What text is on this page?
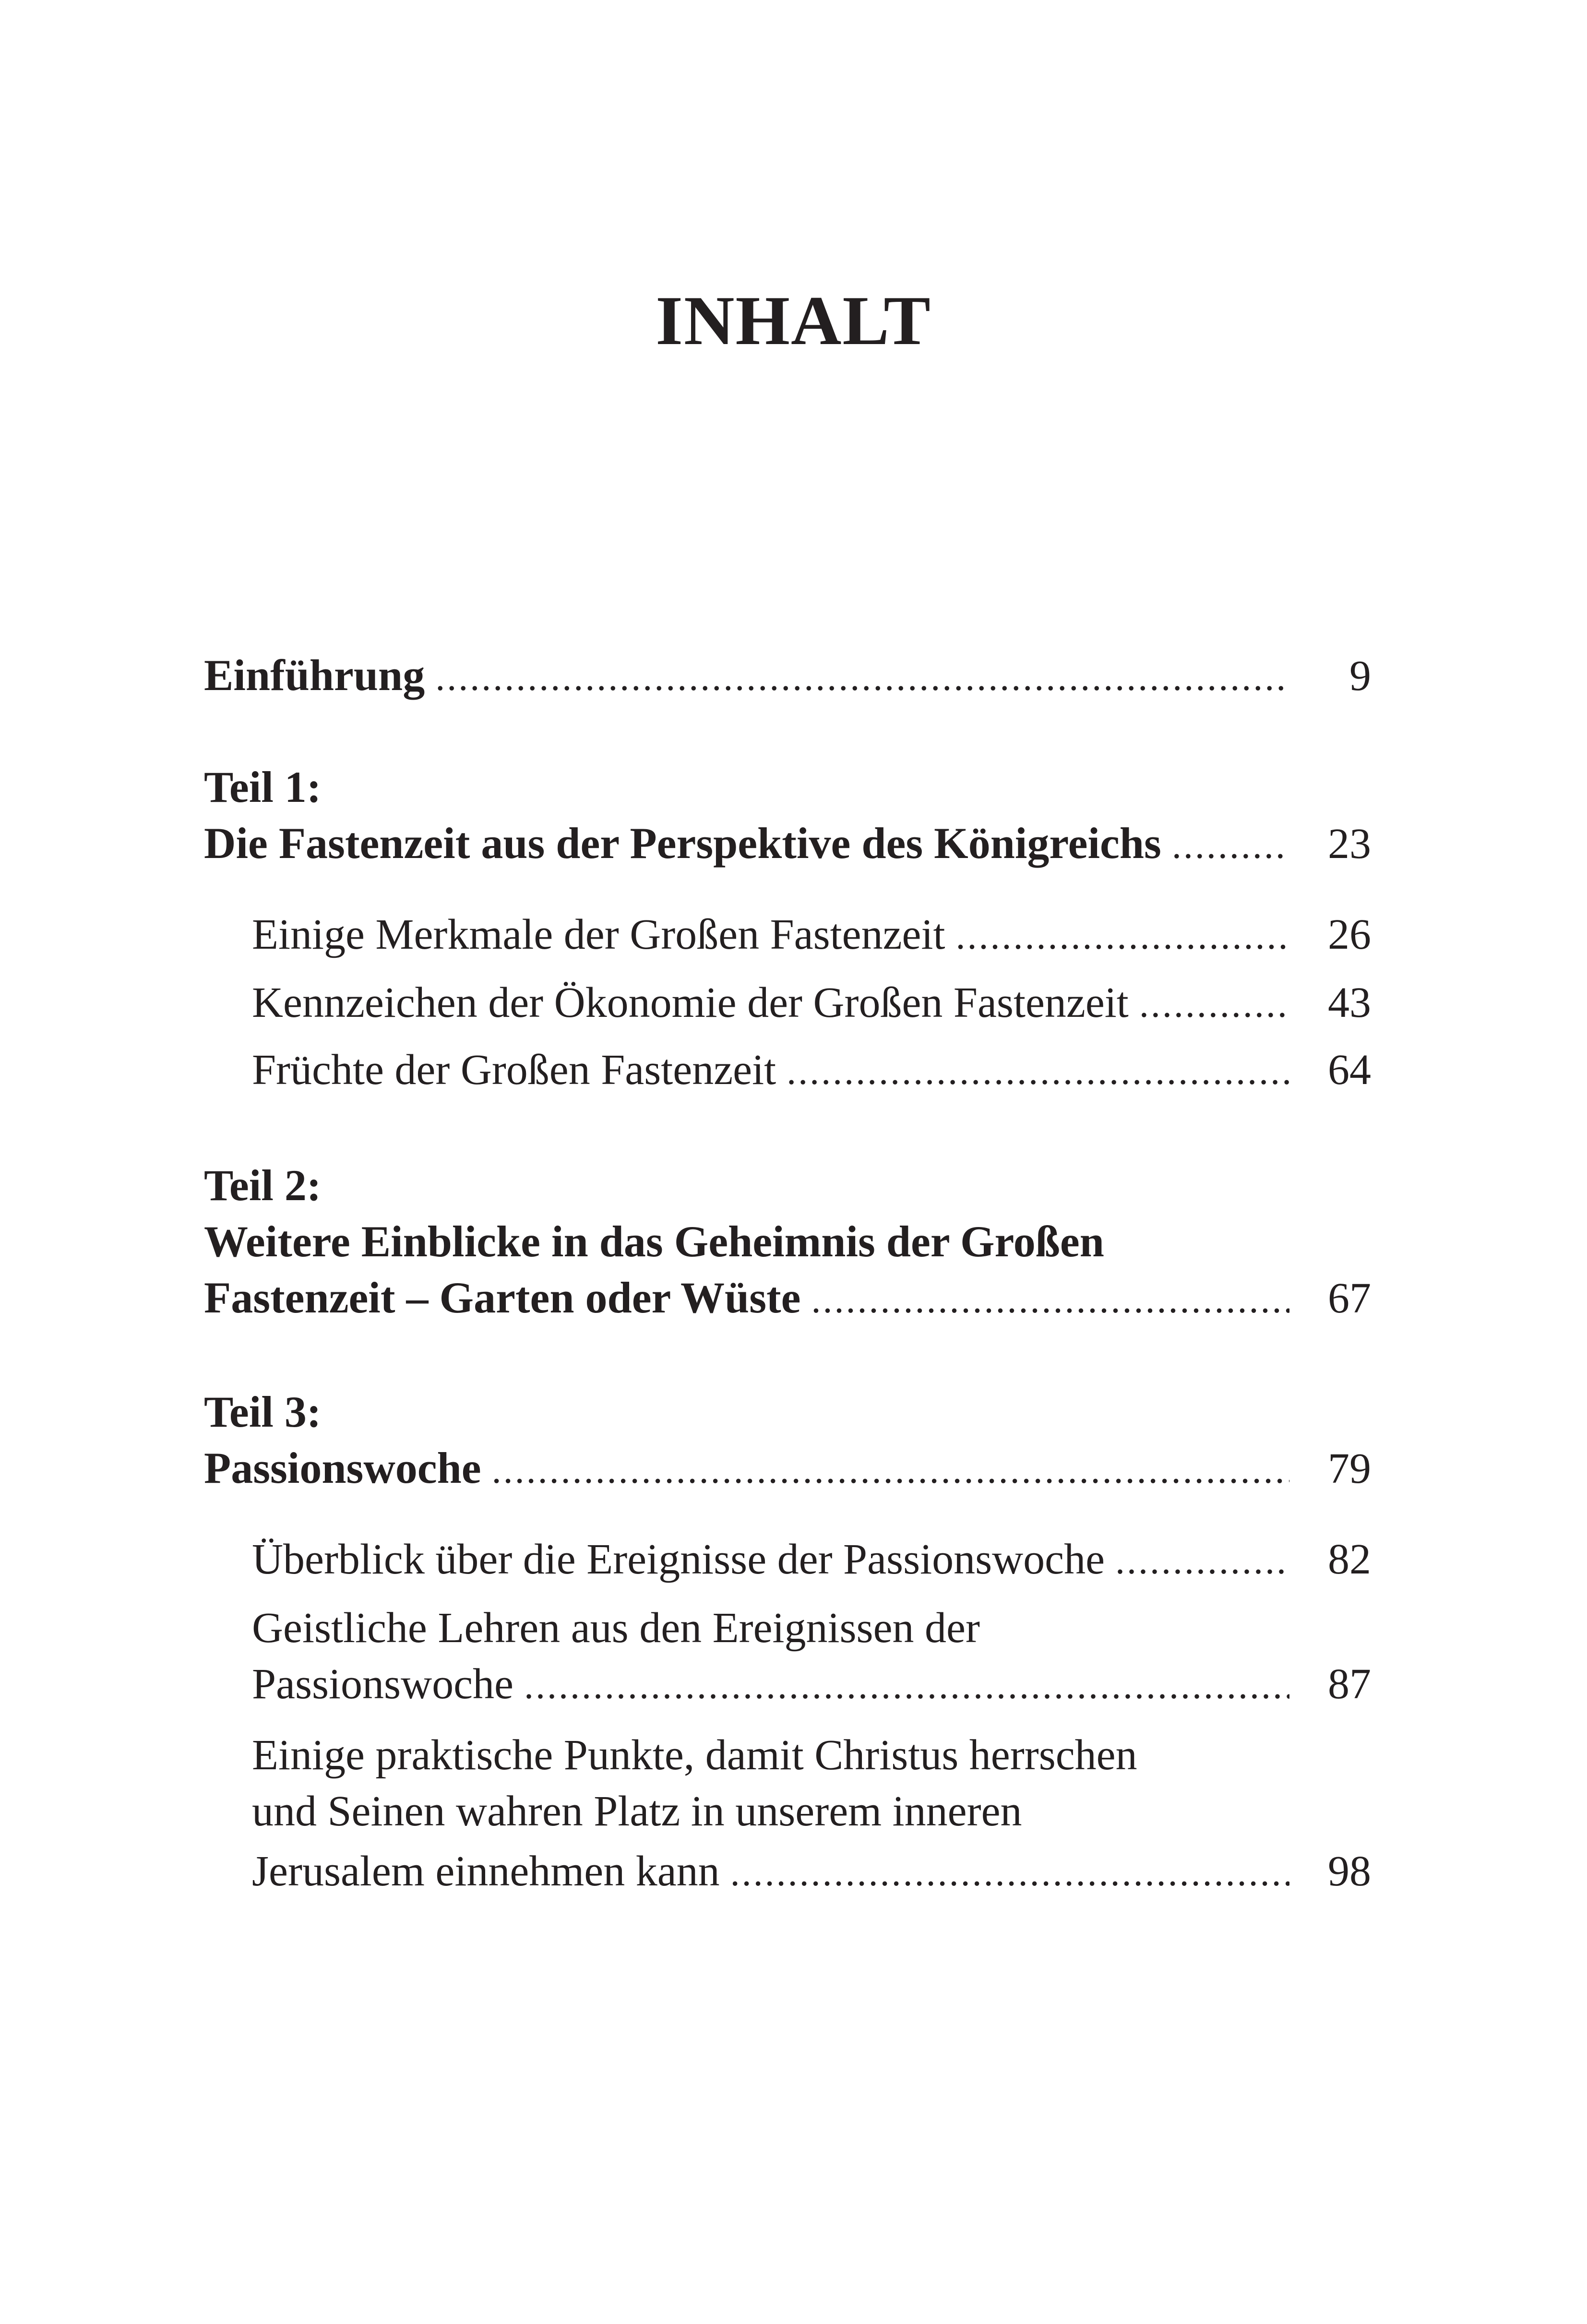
INHALT
Einführung .....	9
Teil 1:
Die Fastenzeit aus der Perspektive des Königreichs .....	23
Einige Merkmale der Großen Fastenzeit .....	26
Kennzeichen der Ökonomie der Großen Fastenzeit .....	43
Früchte der Großen Fastenzeit .....	64
Teil 2:
Weitere Einblicke in das Geheimnis der Großen
Fastenzeit – Garten oder Wüste .....	67
Teil 3:
Passionswoche .....	79
Überblick über die Ereignisse der Passionswoche .....	82
Geistliche Lehren aus den Ereignissen der
Passionswoche .....	87
Einige praktische Punkte, damit Christus herrschen
und Seinen wahren Platz in unserem inneren
Jerusalem einnehmen kann .....	98
